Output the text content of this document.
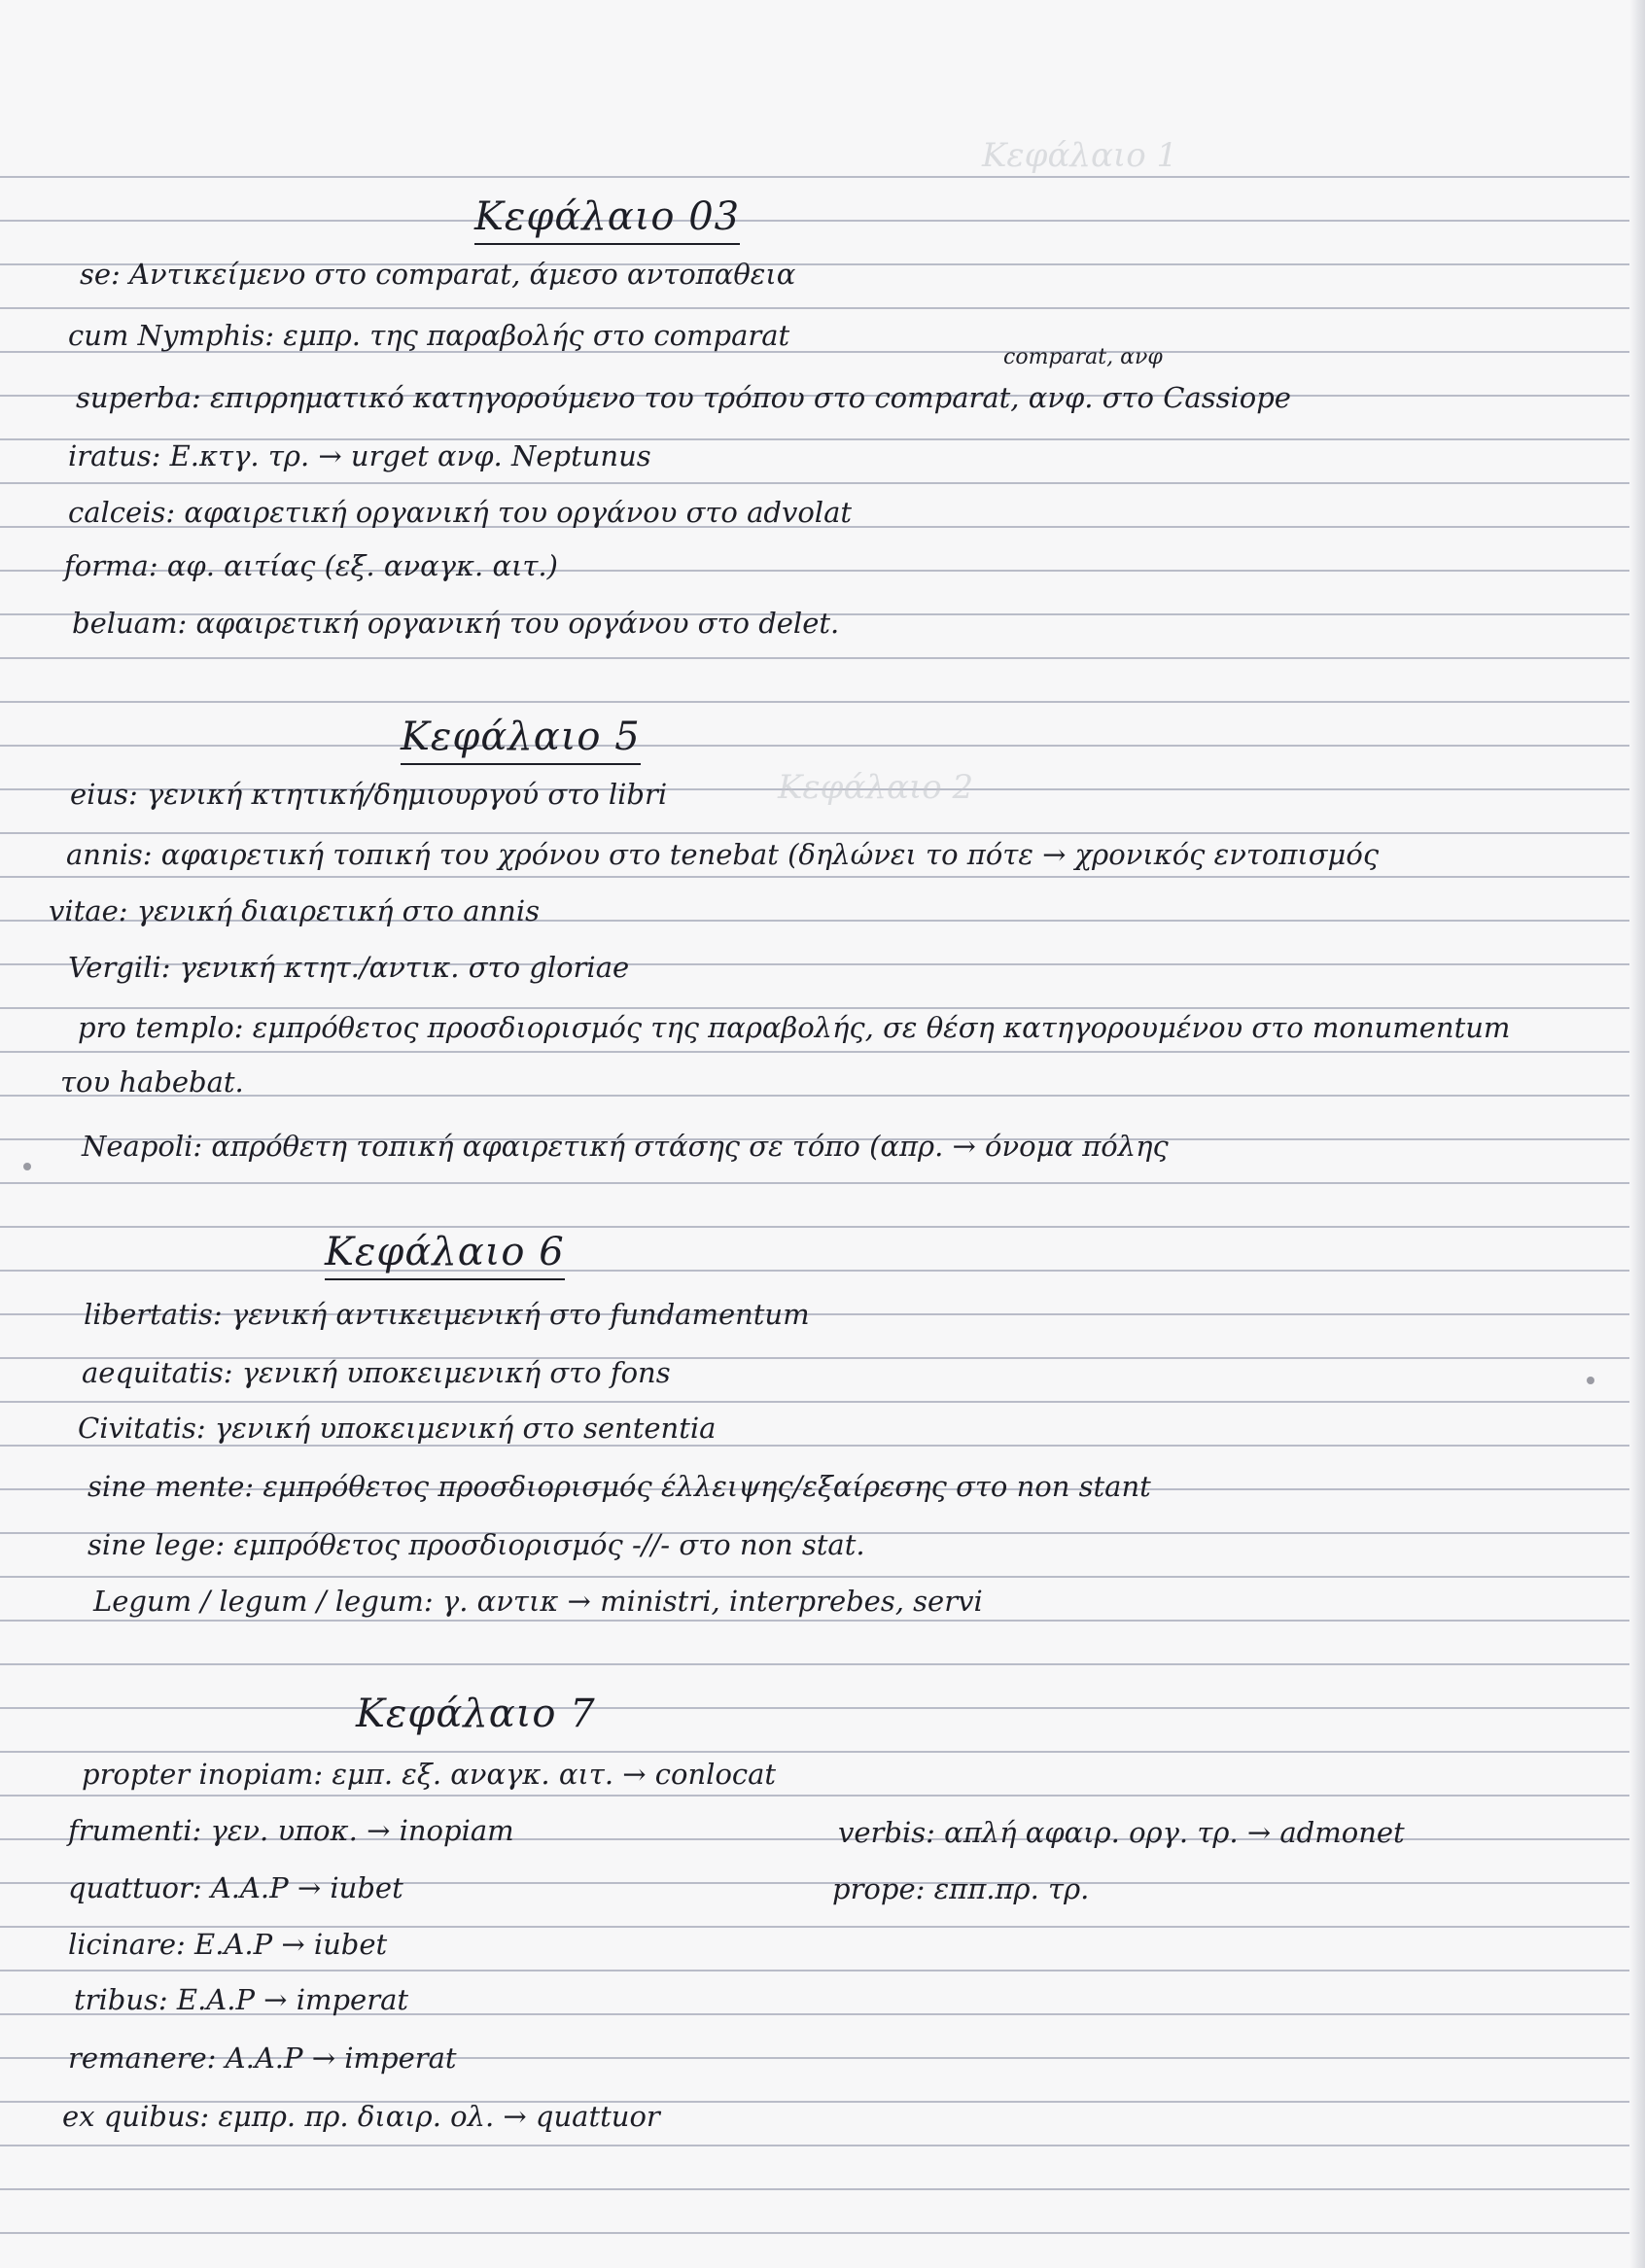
Κεφάλαιο 1
Κεφάλαιο 2
Κεφάλαιο 03
se: Αντικείμενο στο comparat, άμεσο αντοπαθεια
cum Nymphis: εμπρ. της παραβολής στο comparat
comparat, ανφ
superba: επιρρηματικό κατηγορούμενο του τρόπου στο comparat, ανφ. στο Cassiope
iratus: Ε.κτγ. τρ. → urget ανφ. Neptunus
calceis: αφαιρετική οργανική του οργάνου στο advolat
forma: αφ. αιτίας (εξ. αναγκ. αιτ.)
beluam: αφαιρετική οργανική του οργάνου στο delet.
Κεφάλαιο 5
eius: γενική κτητική/δημιουργού στο libri
annis: αφαιρετική τοπική του χρόνου στο tenebat (δηλώνει το πότε → χρονικός εντοπισμός
vitae: γενική διαιρετική στο annis
Vergili: γενική κτητ./αντικ. στο gloriae
pro templo: εμπρόθετος προσδιορισμός της παραβολής, σε θέση κατηγορουμένου στο monumentum
του habebat.
Neapoli: απρόθετη τοπική αφαιρετική στάσης σε τόπο (απρ. → όνομα πόλης
Κεφάλαιο 6
libertatis: γενική αντικειμενική στο fundamentum
aequitatis: γενική υποκειμενική στο fons
Civitatis: γενική υποκειμενική στο sententia
sine mente: εμπρόθετος προσδιορισμός έλλειψης/εξαίρεσης στο non stant
sine lege: εμπρόθετος προσδιορισμός -//- στο non stat.
Legum / legum / legum: γ. αντικ → ministri, interprebes, servi
Κεφάλαιο 7
propter inopiam: εμπ. εξ. αναγκ. αιτ. → conlocat
frumenti: γεν. υποκ. → inopiam
quattuor: Α.Α.Ρ → iubet
licinare: Ε.Α.Ρ → iubet
tribus: Ε.Α.Ρ → imperat
remanere: Α.Α.Ρ → imperat
ex quibus: εμπρ. πρ. διαιρ. ολ. → quattuor
verbis: απλή αφαιρ. οργ. τρ. → admonet
prope: εππ.πρ. τρ.
